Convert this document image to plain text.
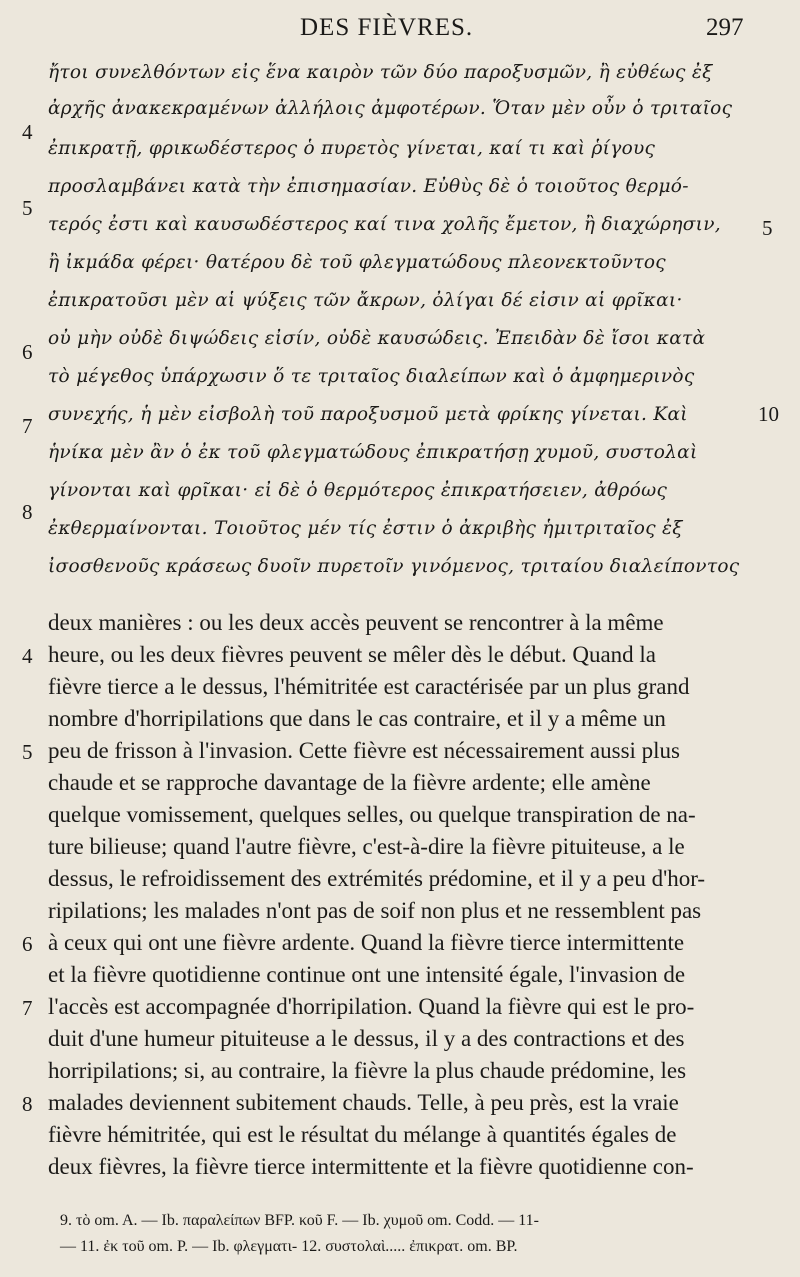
DES FIÈVRES.	297
ἤτοι συνελθόντων εἰς ἕνα καιρὸν τῶν δύο παροξυσμῶν, ἢ εὐθέως ἐξ
ἀρχῆς ἀνακεκραμένων ἀλλήλοις ἀμφοτέρων. Ὅταν μὲν οὖν ὁ τριταῖος
ἐπικρατῇ, φρικωδέστερος ὁ πυρετὸς γίνεται, καί τι καὶ ῥίγους
προσλαμβάνει κατὰ τὴν ἐπισημασίαν. Εὐθὺς δὲ ὁ τοιοῦτος θερμό-
τερός ἐστι καὶ καυσωδέστερος καί τινα χολῆς ἔμετον, ἢ διαχώρησιν,
ἢ ἰκμάδα φέρει· θατέρου δὲ τοῦ φλεγματώδους πλεονεκτοῦντος
ἐπικρατοῦσι μὲν αἱ ψύξεις τῶν ἄκρων, ὀλίγαι δέ εἰσιν αἱ φρῖκαι·
οὐ μὴν οὐδὲ διψώδεις εἰσίν, οὐδὲ καυσώδεις. Ἐπειδὰν δὲ ἴσοι κατὰ
τὸ μέγεθος ὑπάρχωσιν ὅ τε τριταῖος διαλείπων καὶ ὁ ἀμφημερινὸς
συνεχής, ἡ μὲν εἰσβολὴ τοῦ παροξυσμοῦ μετὰ φρίκης γίνεται. Καὶ
ἡνίκα μὲν ἂν ὁ ἐκ τοῦ φλεγματώδους ἐπικρατήσῃ χυμοῦ, συστολαὶ
γίνονται καὶ φρῖκαι· εἰ δὲ ὁ θερμότερος ἐπικρατήσειεν, ἀθρόως
ἐκθερμαίνονται. Τοιοῦτος μέν τίς ἐστιν ὁ ἀκριβὴς ἡμιτριταῖος ἐξ
ἰσοσθενοῦς κράσεως δυοῖν πυρετοῖν γινόμενος, τριταίου διαλείποντος
4
5
6
7
8
5
10
deux manières : ou les deux accès peuvent se rencontrer à la même
heure, ou les deux fièvres peuvent se mêler dès le début. Quand la
fièvre tierce a le dessus, l'hémitritée est caractérisée par un plus grand
nombre d'horripilations que dans le cas contraire, et il y a même un
peu de frisson à l'invasion. Cette fièvre est nécessairement aussi plus
chaude et se rapproche davantage de la fièvre ardente; elle amène
quelque vomissement, quelques selles, ou quelque transpiration de na-
ture bilieuse; quand l'autre fièvre, c'est-à-dire la fièvre pituiteuse, a le
dessus, le refroidissement des extrémités prédomine, et il y a peu d'hor-
ripilations; les malades n'ont pas de soif non plus et ne ressemblent pas
à ceux qui ont une fièvre ardente. Quand la fièvre tierce intermittente
et la fièvre quotidienne continue ont une intensité égale, l'invasion de
l'accès est accompagnée d'horripilation. Quand la fièvre qui est le pro-
duit d'une humeur pituiteuse a le dessus, il y a des contractions et des
horripilations; si, au contraire, la fièvre la plus chaude prédomine, les
malades deviennent subitement chauds. Telle, à peu près, est la vraie
fièvre hémitritée, qui est le résultat du mélange à quantités égales de
deux fièvres, la fièvre tierce intermittente et la fièvre quotidienne con-
4
5
6
7
8
9. τὸ om. A. — Ib. παραλείπων BFP. κοῦ F. — Ib. χυμοῦ om. Codd. — 11-
— 11. ἐκ τοῦ om. P. — Ib. φλεγματι- 12. συστολαὶ..... ἐπικρατ. om. BP.
